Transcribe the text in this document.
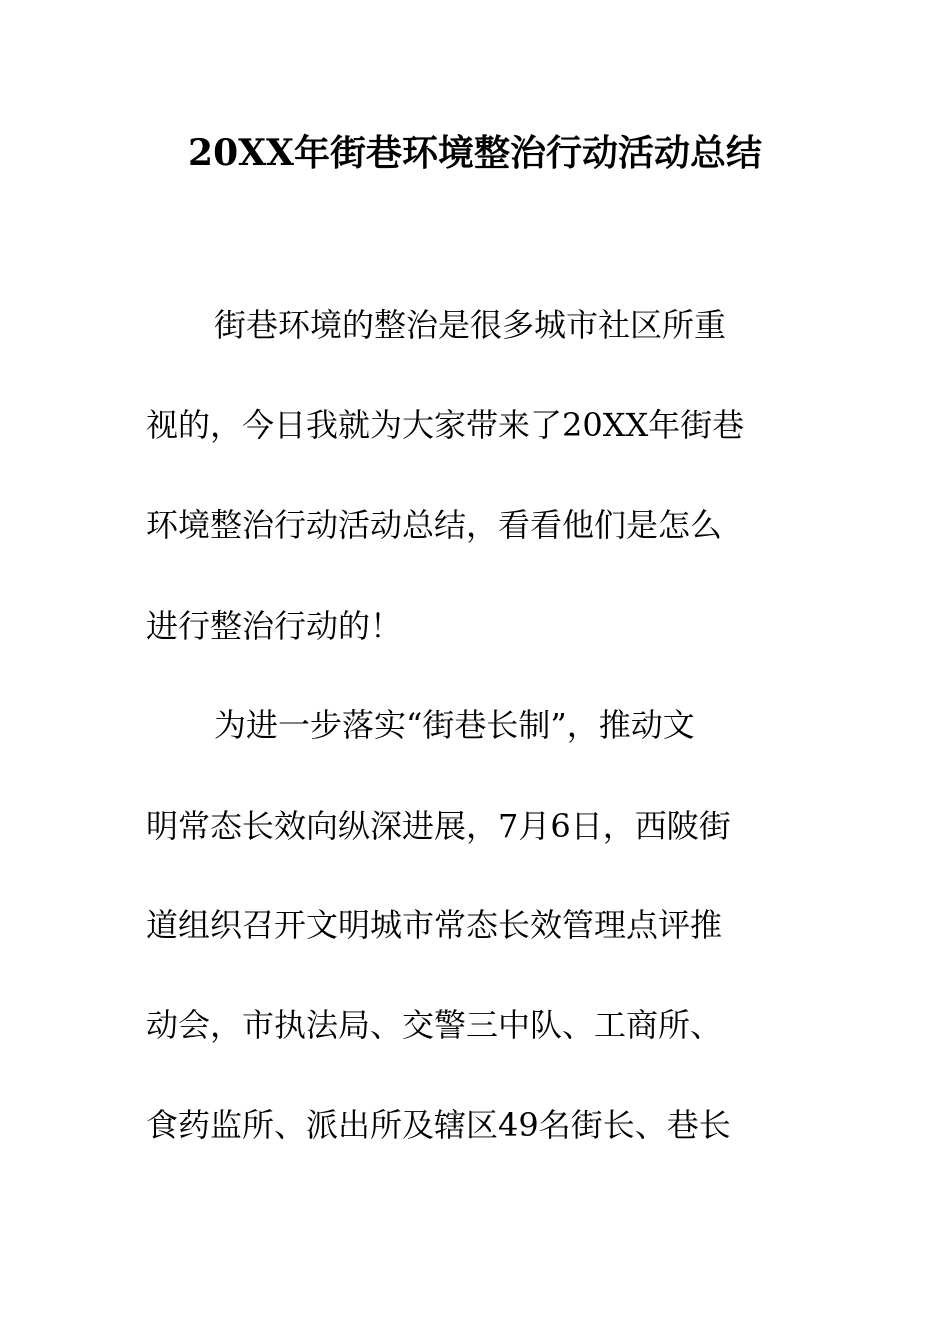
20XX年街巷环境整治行动活动总结
街巷环境的整治是很多城市社区所重
视的，今日我就为大家带来了20XX年街巷
环境整治行动活动总结，看看他们是怎么
进行整治行动的！
为进一步落实“街巷长制”，推动文
明常态长效向纵深进展，7月6日，西陂街
道组织召开文明城市常态长效管理点评推
动会，市执法局、交警三中队、工商所、
食药监所、派出所及辖区49名街长、巷长
